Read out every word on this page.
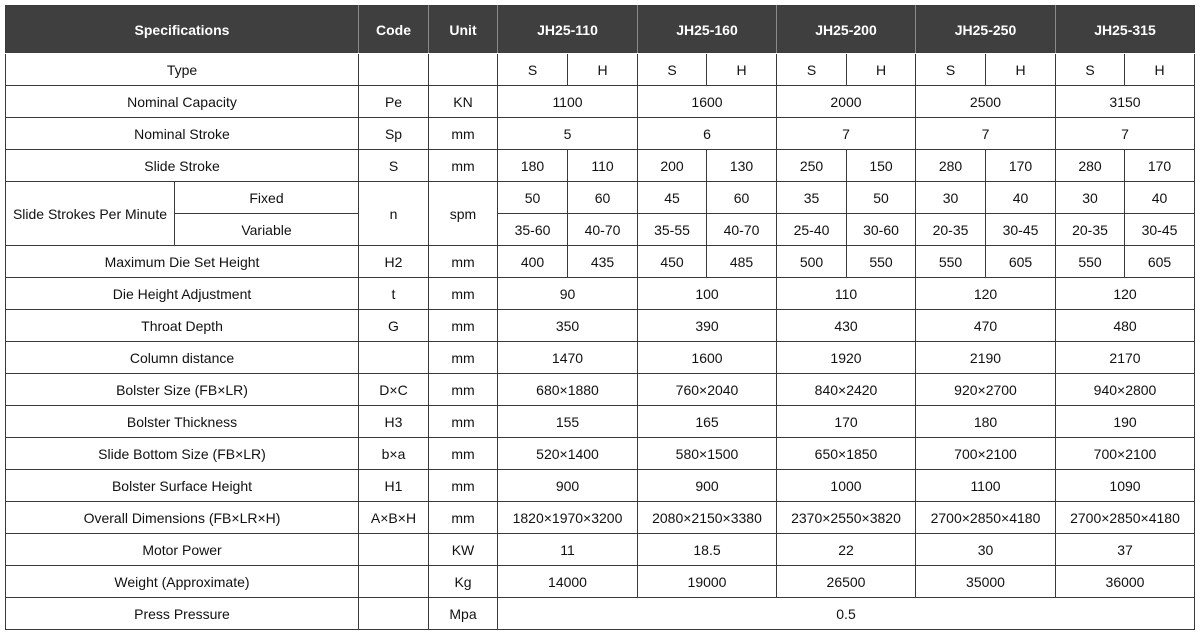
Specifications		Code	Unit	JH25-110		JH25-160		JH25-200		JH25-250		JH25-315	
Type				S	H	S	H	S	H	S	H	S	H
Nominal Capacity		Pe	KN	1100		1600		2000		2500		3150	
Nominal Stroke		Sp	mm	5		6		7		7		7	
Slide Stroke		S	mm	180	110	200	130	250	150	280	170	280	170
Slide Strokes Per Minute	Fixed	n	spm	50	60	45	60	35	50	30	40	30	40
	Variable			35-60	40-70	35-55	40-70	25-40	30-60	20-35	30-45	20-35	30-45
Maximum Die Set Height		H2	mm	400	435	450	485	500	550	550	605	550	605
Die Height Adjustment		t	mm	90		100		110		120		120	
Throat Depth		G	mm	350		390		430		470		480	
Column distance			mm	1470		1600		1920		2190		2170	
Bolster Size (FB×LR)		D×C	mm	680×1880		760×2040		840×2420		920×2700		940×2800	
Bolster Thickness		H3	mm	155		165		170		180		190	
Slide Bottom Size (FB×LR)		b×a	mm	520×1400		580×1500		650×1850		700×2100		700×2100	
Bolster Surface Height		H1	mm	900		900		1000		1100		1090	
Overall Dimensions (FB×LR×H)		A×B×H	mm	1820×1970×3200		2080×2150×3380		2370×2550×3820		2700×2850×4180		2700×2850×4180	
Motor Power			KW	11		18.5		22		30		37	
Weight (Approximate)			Kg	14000		19000		26500		35000		36000	
Press Pressure			Mpa	0.5									
